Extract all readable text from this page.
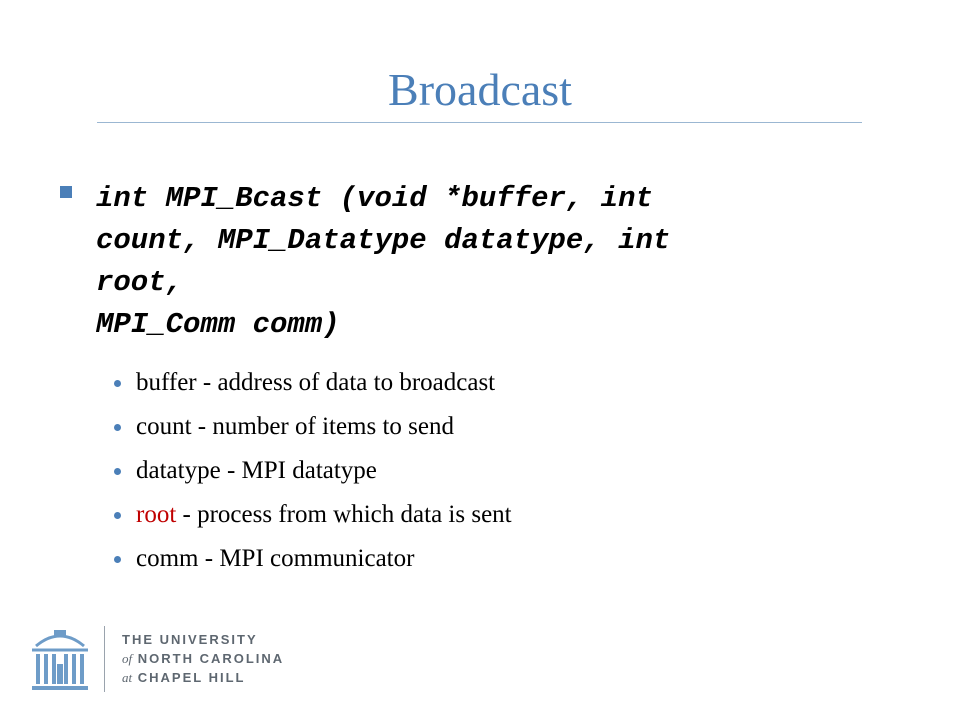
Broadcast
int MPI_Bcast (void *buffer, int
count, MPI_Datatype datatype, int
root,
MPI_Comm comm)
buffer - address of data to broadcast
count - number of items to send
datatype - MPI datatype
root - process from which data is sent
comm - MPI communicator
THE UNIVERSITY
of NORTH CAROLINA
at CHAPEL HILL
